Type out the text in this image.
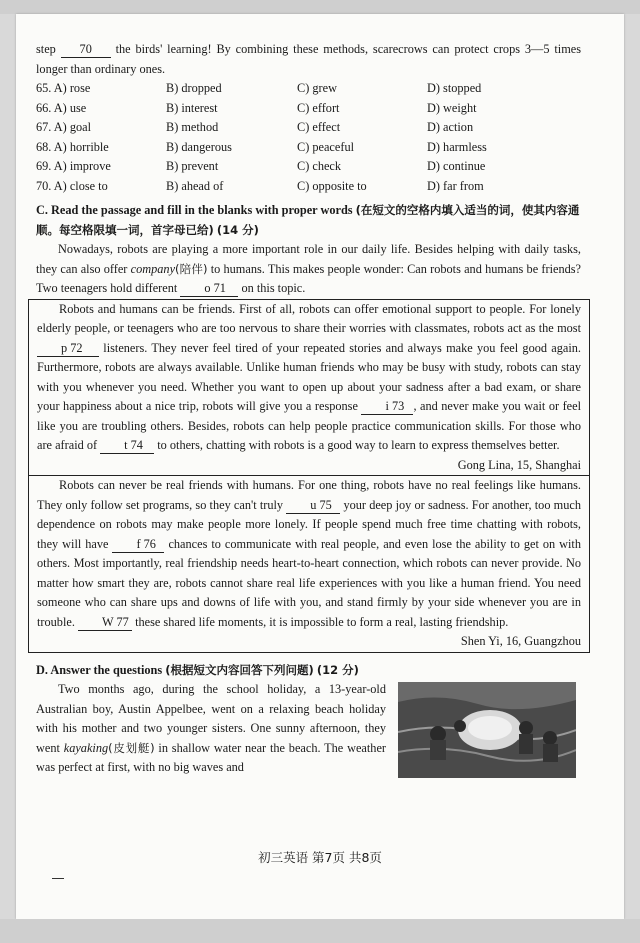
step 70 the birds' learning! By combining these methods, scarecrows can protect crops 3—5 times longer than ordinary ones.

65. A) rose	B) dropped	C) grew	D) stopped
66. A) use	B) interest	C) effort	D) weight
67. A) goal	B) method	C) effect	D) action
68. A) horrible	B) dangerous	C) peaceful	D) harmless
69. A) improve	B) prevent	C) check	D) continue
70. A) close to	B) ahead of	C) opposite to	D) far from

C. Read the passage and fill in the blanks with proper words (在短文的空格内填入适当的词，使其内容通顺。每空格限填一词，首字母已给) (14 分)

Nowadays, robots are playing a more important role in our daily life. Besides helping with daily tasks, they can also offer company(陪伴) to humans. This makes people wonder: Can robots and humans be friends? Two teenagers hold different o 71 on this topic.

Robots and humans can be friends. First of all, robots can offer emotional support to people. For lonely elderly people, or teenagers who are too nervous to share their worries with classmates, robots act as the most p 72 listeners. They never feel tired of your repeated stories and always make you feel good again. Furthermore, robots are always available. Unlike human friends who may be busy with study, robots can stay with you whenever you need. Whether you want to open up about your sadness after a bad exam, or share your happiness about a nice trip, robots will give you a response i 73 , and never make you wait or feel like you are troubling others. Besides, robots can help people practice communication skills. For those who are afraid of t 74 to others, chatting with robots is a good way to learn to express themselves better.

Gong Lina, 15, Shanghai

Robots can never be real friends with humans. For one thing, robots have no real feelings like humans. They only follow set programs, so they can't truly u 75 your deep joy or sadness. For another, too much dependence on robots may make people more lonely. If people spend much free time chatting with robots, they will have f 76 chances to communicate with real people, and even lose the ability to get on with others. Most importantly, real friendship needs heart-to-heart connection, which robots can never provide. No matter how smart they are, robots cannot share real life experiences with you like a human friend. You need someone who can share ups and downs of life with you, and stand firmly by your side whenever you are in trouble. W 77 these shared life moments, it is impossible to form a real, lasting friendship.

Shen Yi, 16, Guangzhou

D. Answer the questions (根据短文内容回答下列问题) (12 分)

Two months ago, during the school holiday, a 13-year-old Australian boy, Austin Appelbee, went on a relaxing beach holiday with his mother and two younger sisters. One sunny afternoon, they went kayaking(皮划艇) in shallow water near the beach. The weather was perfect at first, with no big waves and

初三英语 第7页 共8页
